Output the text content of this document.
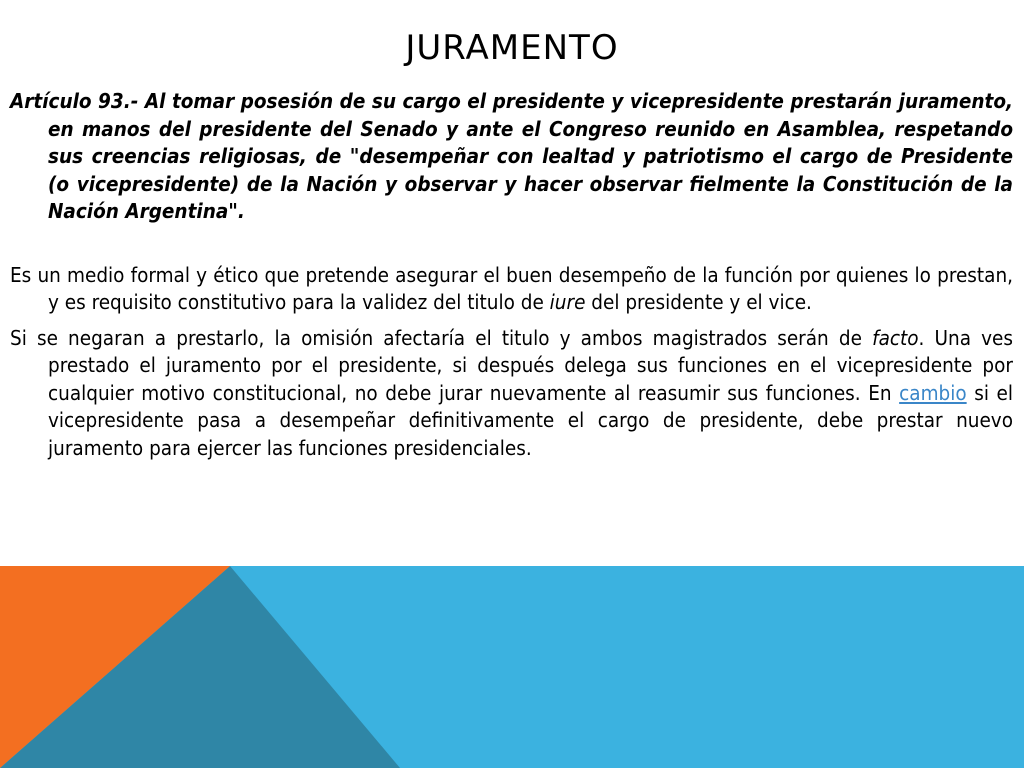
JURAMENTO

Artículo 93.- Al tomar posesión de su cargo el presidente y vicepresidente prestarán juramento, en manos del presidente del Senado y ante el Congreso reunido en Asamblea, respetando sus creencias religiosas, de "desempeñar con lealtad y patriotismo el cargo de Presidente (o vicepresidente) de la Nación y observar y hacer observar fielmente la Constitución de la Nación Argentina".

Es un medio formal y ético que pretende asegurar el buen desempeño de la función por quienes lo prestan, y es requisito constitutivo para la validez del titulo de iure del presidente y el vice.

Si se negaran a prestarlo, la omisión afectaría el titulo y ambos magistrados serán de facto. Una ves prestado el juramento por el presidente, si después delega sus funciones en el vicepresidente por cualquier motivo constitucional, no debe jurar nuevamente al reasumir sus funciones. En cambio si el vicepresidente pasa a desempeñar definitivamente el cargo de presidente, debe prestar nuevo juramento para ejercer las funciones presidenciales.
